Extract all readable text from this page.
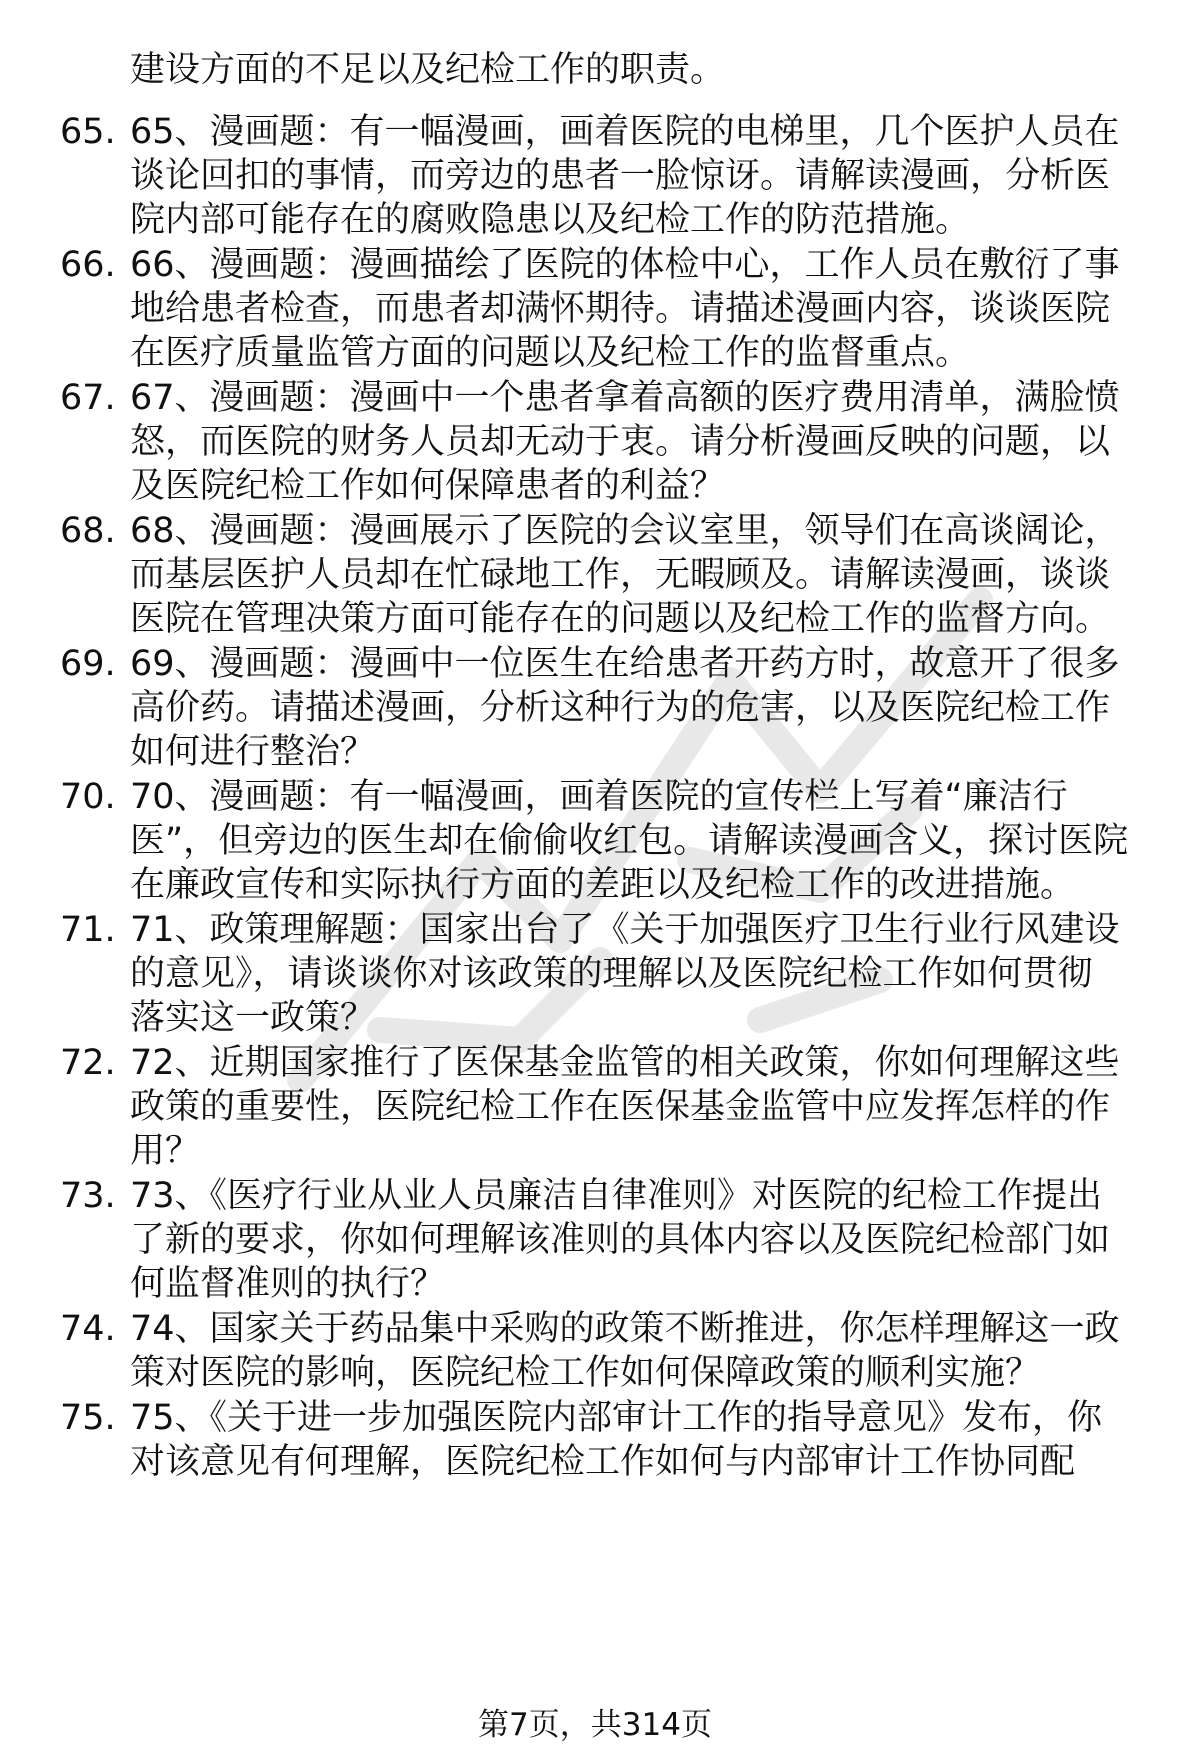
建设方面的不足以及纪检工作的职责。
65. 65、漫画题：有一幅漫画，画着医院的电梯里，几个医护人员在
谈论回扣的事情，而旁边的患者一脸惊讶。请解读漫画，分析医
院内部可能存在的腐败隐患以及纪检工作的防范措施。
66. 66、漫画题：漫画描绘了医院的体检中心，工作人员在敷衍了事
地给患者检查，而患者却满怀期待。请描述漫画内容，谈谈医院
在医疗质量监管方面的问题以及纪检工作的监督重点。
67. 67、漫画题：漫画中一个患者拿着高额的医疗费用清单，满脸愤
怒，而医院的财务人员却无动于衷。请分析漫画反映的问题，以
及医院纪检工作如何保障患者的利益？
68. 68、漫画题：漫画展示了医院的会议室里，领导们在高谈阔论，
而基层医护人员却在忙碌地工作，无暇顾及。请解读漫画，谈谈
医院在管理决策方面可能存在的问题以及纪检工作的监督方向。
69. 69、漫画题：漫画中一位医生在给患者开药方时，故意开了很多
高价药。请描述漫画，分析这种行为的危害，以及医院纪检工作
如何进行整治？
70. 70、漫画题：有一幅漫画，画着医院的宣传栏上写着“廉洁行
医”，但旁边的医生却在偷偷收红包。请解读漫画含义，探讨医院
在廉政宣传和实际执行方面的差距以及纪检工作的改进措施。
71. 71、政策理解题：国家出台了《关于加强医疗卫生行业行风建设
的意见》，请谈谈你对该政策的理解以及医院纪检工作如何贯彻
落实这一政策？
72. 72、近期国家推行了医保基金监管的相关政策，你如何理解这些
政策的重要性，医院纪检工作在医保基金监管中应发挥怎样的作
用？
73. 73、《医疗行业从业人员廉洁自律准则》对医院的纪检工作提出
了新的要求，你如何理解该准则的具体内容以及医院纪检部门如
何监督准则的执行？
74. 74、国家关于药品集中采购的政策不断推进，你怎样理解这一政
策对医院的影响，医院纪检工作如何保障政策的顺利实施？
75. 75、《关于进一步加强医院内部审计工作的指导意见》发布，你
对该意见有何理解，医院纪检工作如何与内部审计工作协同配
第7页，共314页
